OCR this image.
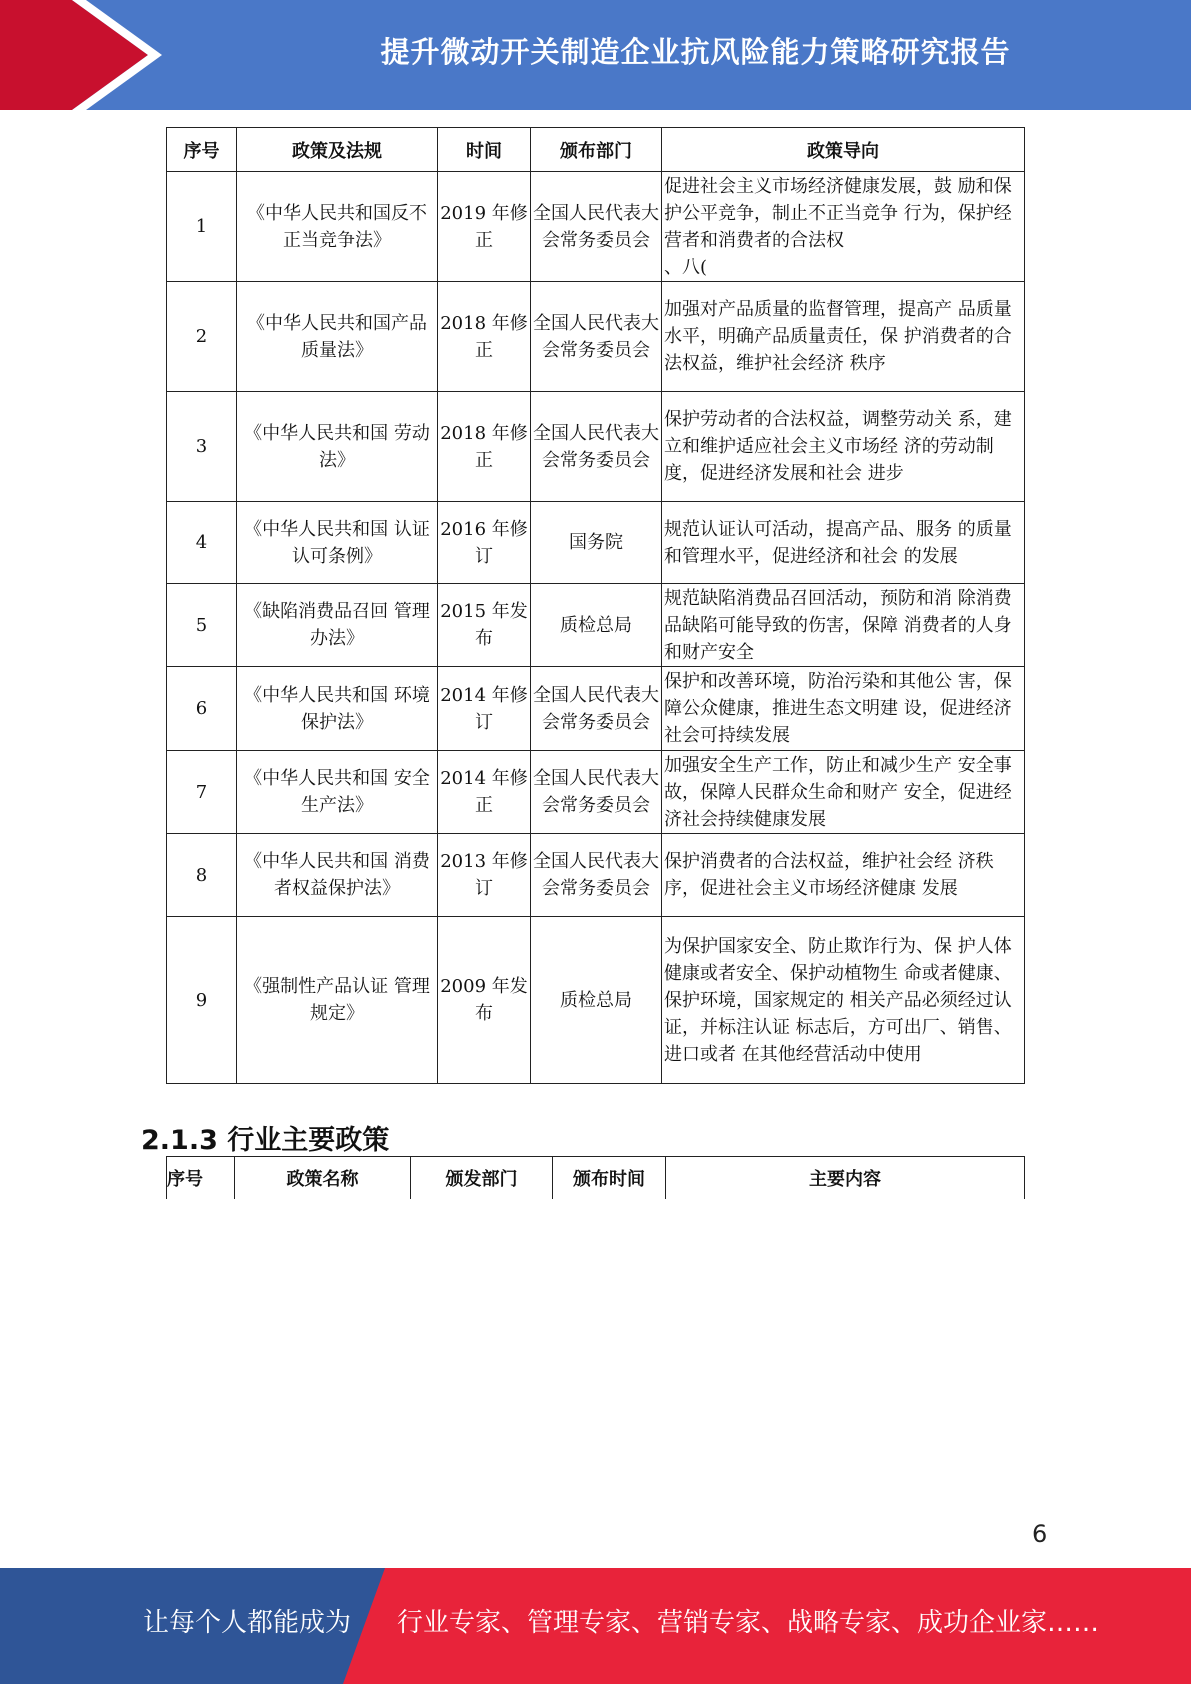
提升微动开关制造企业抗风险能力策略研究报告
序号	政策及法规	时间	颁布部门	政策导向
1	《中华人民共和国反不正当竞争法》	2019 年修正	全国人民代表大会常务委员会	促进社会主义市场经济健康发展，鼓 励和保护公平竞争，制止不正当竞争 行为，保护经营者和消费者的合法权
、八(
2	《中华人民共和国产品质量法》	2018 年修正	全国人民代表大会常务委员会	加强对产品质量的监督管理，提高产 品质量水平，明确产品质量责任，保 护消费者的合法权益，维护社会经济 秩序
3	《中华人民共和国 劳动法》	2018 年修正	全国人民代表大会常务委员会	保护劳动者的合法权益，调整劳动关 系，建立和维护适应社会主义市场经 济的劳动制度，促进经济发展和社会 进步
4	《中华人民共和国 认证认可条例》	2016 年修订	国务院	规范认证认可活动，提高产品、服务 的质量和管理水平，促进经济和社会 的发展
5	《缺陷消费品召回 管理办法》	2015 年发布	质检总局	规范缺陷消费品召回活动，预防和消 除消费品缺陷可能导致的伤害，保障 消费者的人身和财产安全
6	《中华人民共和国 环境保护法》	2014 年修订	全国人民代表大会常务委员会	保护和改善环境，防治污染和其他公 害，保障公众健康，推进生态文明建 设，促进经济社会可持续发展
7	《中华人民共和国 安全生产法》	2014 年修正	全国人民代表大会常务委员会	加强安全生产工作，防止和减少生产 安全事故，保障人民群众生命和财产 安全，促进经济社会持续健康发展
8	《中华人民共和国 消费者权益保护法》	2013 年修订	全国人民代表大会常务委员会	保护消费者的合法权益，维护社会经 济秩序，促进社会主义市场经济健康 发展
9	《强制性产品认证 管理规定》	2009 年发布	质检总局	为保护国家安全、防止欺诈行为、保 护人体健康或者安全、保护动植物生 命或者健康、保护环境，国家规定的 相关产品必须经过认证，并标注认证 标志后，方可出厂、销售、进口或者 在其他经营活动中使用
2.1.3 行业主要政策
序号	政策名称	颁发部门	颁布时间	主要内容
6
让每个人都能成为 行业专家、管理专家、营销专家、战略专家、成功企业家……
